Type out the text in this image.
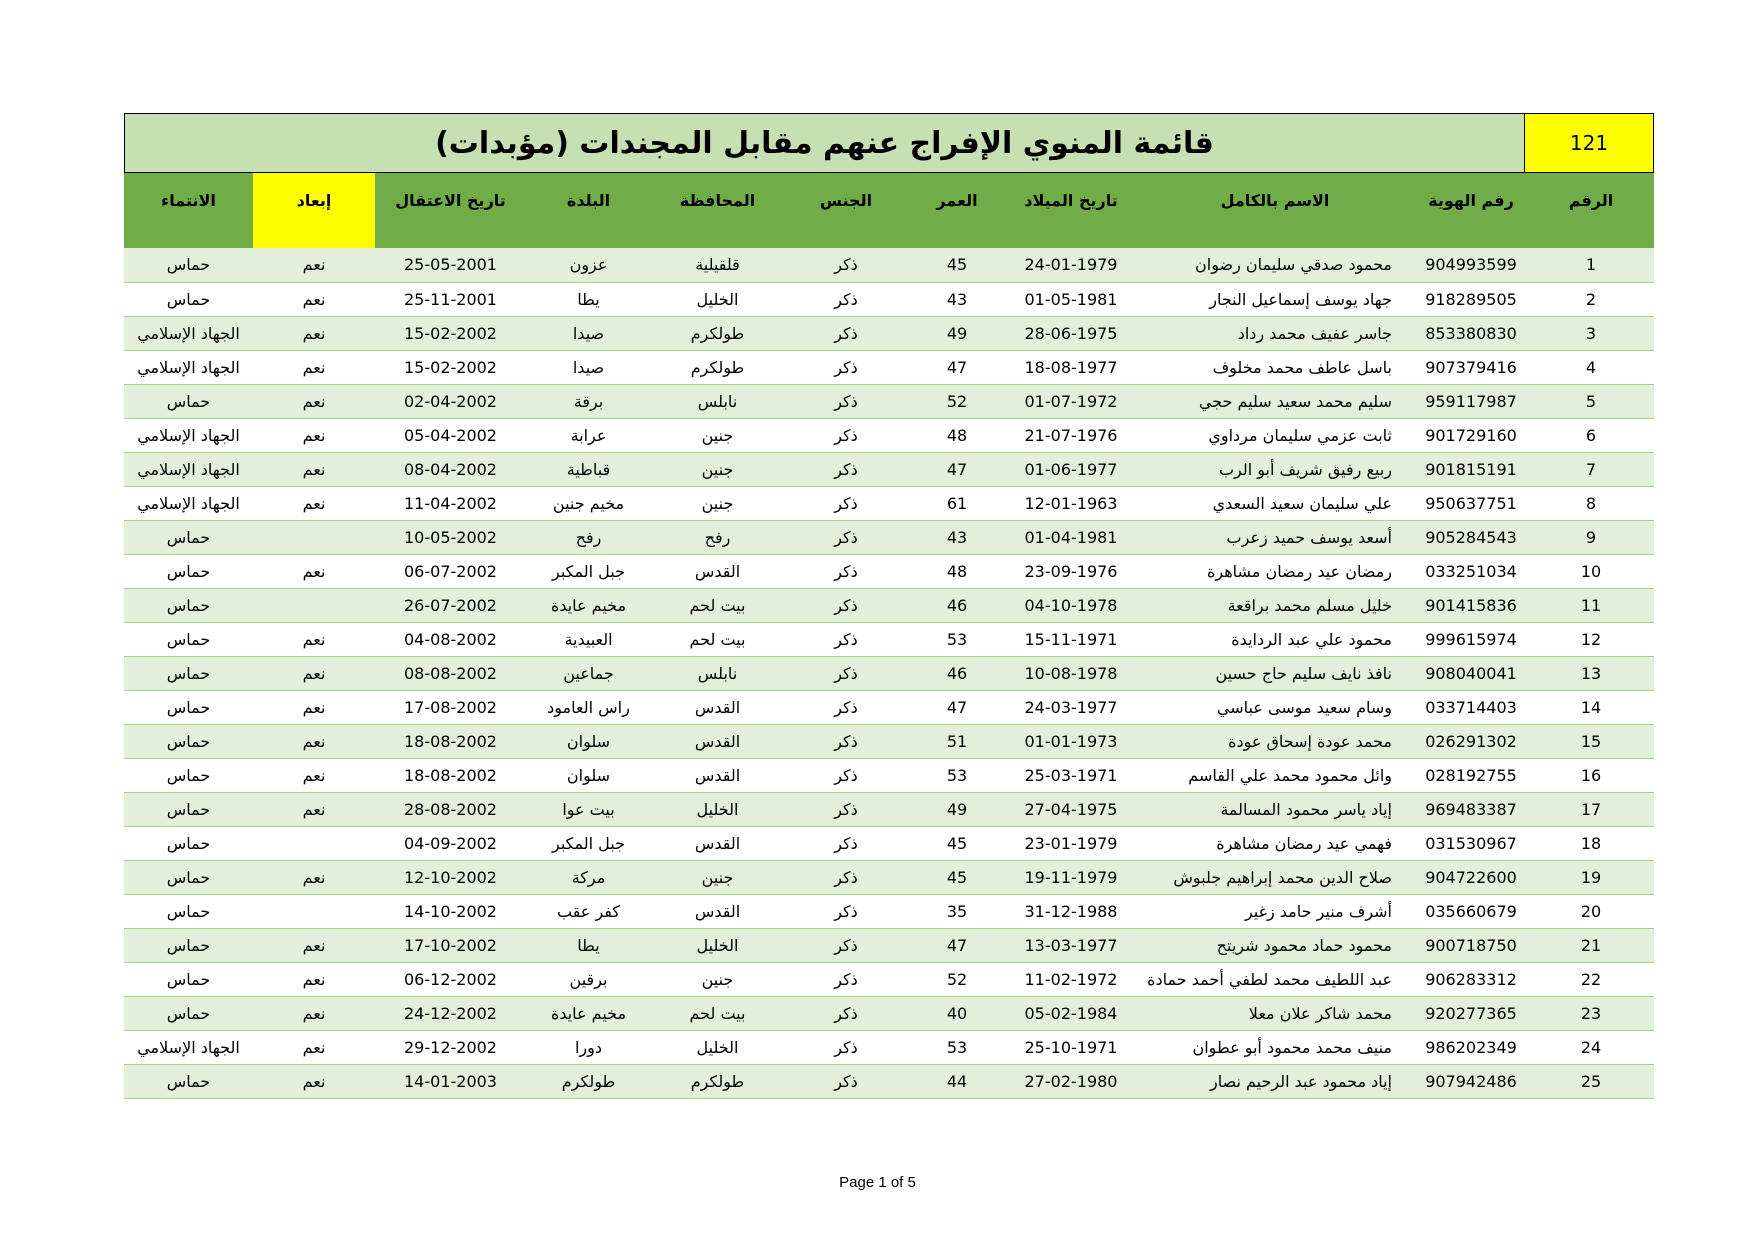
قائمة المنوي الإفراج عنهم مقابل المجندات (مؤبدات)	121
الانتماء	إبعاد	تاريخ الاعتقال	البلدة	المحافظة	الجنس	العمر	تاريخ الميلاد	الاسم بالكامل	رقم الهوية	الرقم
حماس	نعم	25-05-2001	عزون	قلقيلية	ذكر	45	24-01-1979	محمود صدقي سليمان رضوان	904993599	1
حماس	نعم	25-11-2001	يطا	الخليل	ذكر	43	01-05-1981	جهاد يوسف إسماعيل النجار	918289505	2
الجهاد الإسلامي	نعم	15-02-2002	صيدا	طولكرم	ذكر	49	28-06-1975	جاسر عفيف محمد رداد	853380830	3
الجهاد الإسلامي	نعم	15-02-2002	صيدا	طولكرم	ذكر	47	18-08-1977	باسل عاطف محمد مخلوف	907379416	4
حماس	نعم	02-04-2002	برقة	نابلس	ذكر	52	01-07-1972	سليم محمد سعيد سليم حجي	959117987	5
الجهاد الإسلامي	نعم	05-04-2002	عرابة	جنين	ذكر	48	21-07-1976	ثابت عزمي سليمان مرداوي	901729160	6
الجهاد الإسلامي	نعم	08-04-2002	قباطية	جنين	ذكر	47	01-06-1977	ربيع رفيق شريف أبو الرب	901815191	7
الجهاد الإسلامي	نعم	11-04-2002	مخيم جنين	جنين	ذكر	61	12-01-1963	علي سليمان سعيد السعدي	950637751	8
حماس		10-05-2002	رفح	رفح	ذكر	43	01-04-1981	أسعد يوسف حميد زعرب	905284543	9
حماس	نعم	06-07-2002	جبل المكبر	القدس	ذكر	48	23-09-1976	رمضان عيد رمضان مشاهرة	033251034	10
حماس		26-07-2002	مخيم عايدة	بيت لحم	ذكر	46	04-10-1978	خليل مسلم محمد براقعة	901415836	11
حماس	نعم	04-08-2002	العبيدية	بيت لحم	ذكر	53	15-11-1971	محمود علي عبد الردايدة	999615974	12
حماس	نعم	08-08-2002	جماعين	نابلس	ذكر	46	10-08-1978	نافذ نايف سليم حاج حسين	908040041	13
حماس	نعم	17-08-2002	راس العامود	القدس	ذكر	47	24-03-1977	وسام سعيد موسى عباسي	033714403	14
حماس	نعم	18-08-2002	سلوان	القدس	ذكر	51	01-01-1973	محمد عودة إسحاق عودة	026291302	15
حماس	نعم	18-08-2002	سلوان	القدس	ذكر	53	25-03-1971	وائل محمود محمد علي القاسم	028192755	16
حماس	نعم	28-08-2002	بيت عوا	الخليل	ذكر	49	27-04-1975	إياد ياسر محمود المسالمة	969483387	17
حماس		04-09-2002	جبل المكبر	القدس	ذكر	45	23-01-1979	فهمي عيد رمضان مشاهرة	031530967	18
حماس	نعم	12-10-2002	مركة	جنين	ذكر	45	19-11-1979	صلاح الدين محمد إبراهيم جلبوش	904722600	19
حماس		14-10-2002	كفر عقب	القدس	ذكر	35	31-12-1988	أشرف منير حامد زغير	035660679	20
حماس	نعم	17-10-2002	يطا	الخليل	ذكر	47	13-03-1977	محمود حماد محمود شريتح	900718750	21
حماس	نعم	06-12-2002	برقين	جنين	ذكر	52	11-02-1972	عبد اللطيف محمد لطفي أحمد حمادة	906283312	22
حماس	نعم	24-12-2002	مخيم عايدة	بيت لحم	ذكر	40	05-02-1984	محمد شاكر علان معلا	920277365	23
الجهاد الإسلامي	نعم	29-12-2002	دورا	الخليل	ذكر	53	25-10-1971	منيف محمد محمود أبو عطوان	986202349	24
حماس	نعم	14-01-2003	طولكرم	طولكرم	ذكر	44	27-02-1980	إياد محمود عبد الرحيم نصار	907942486	25
Page 1 of 5
